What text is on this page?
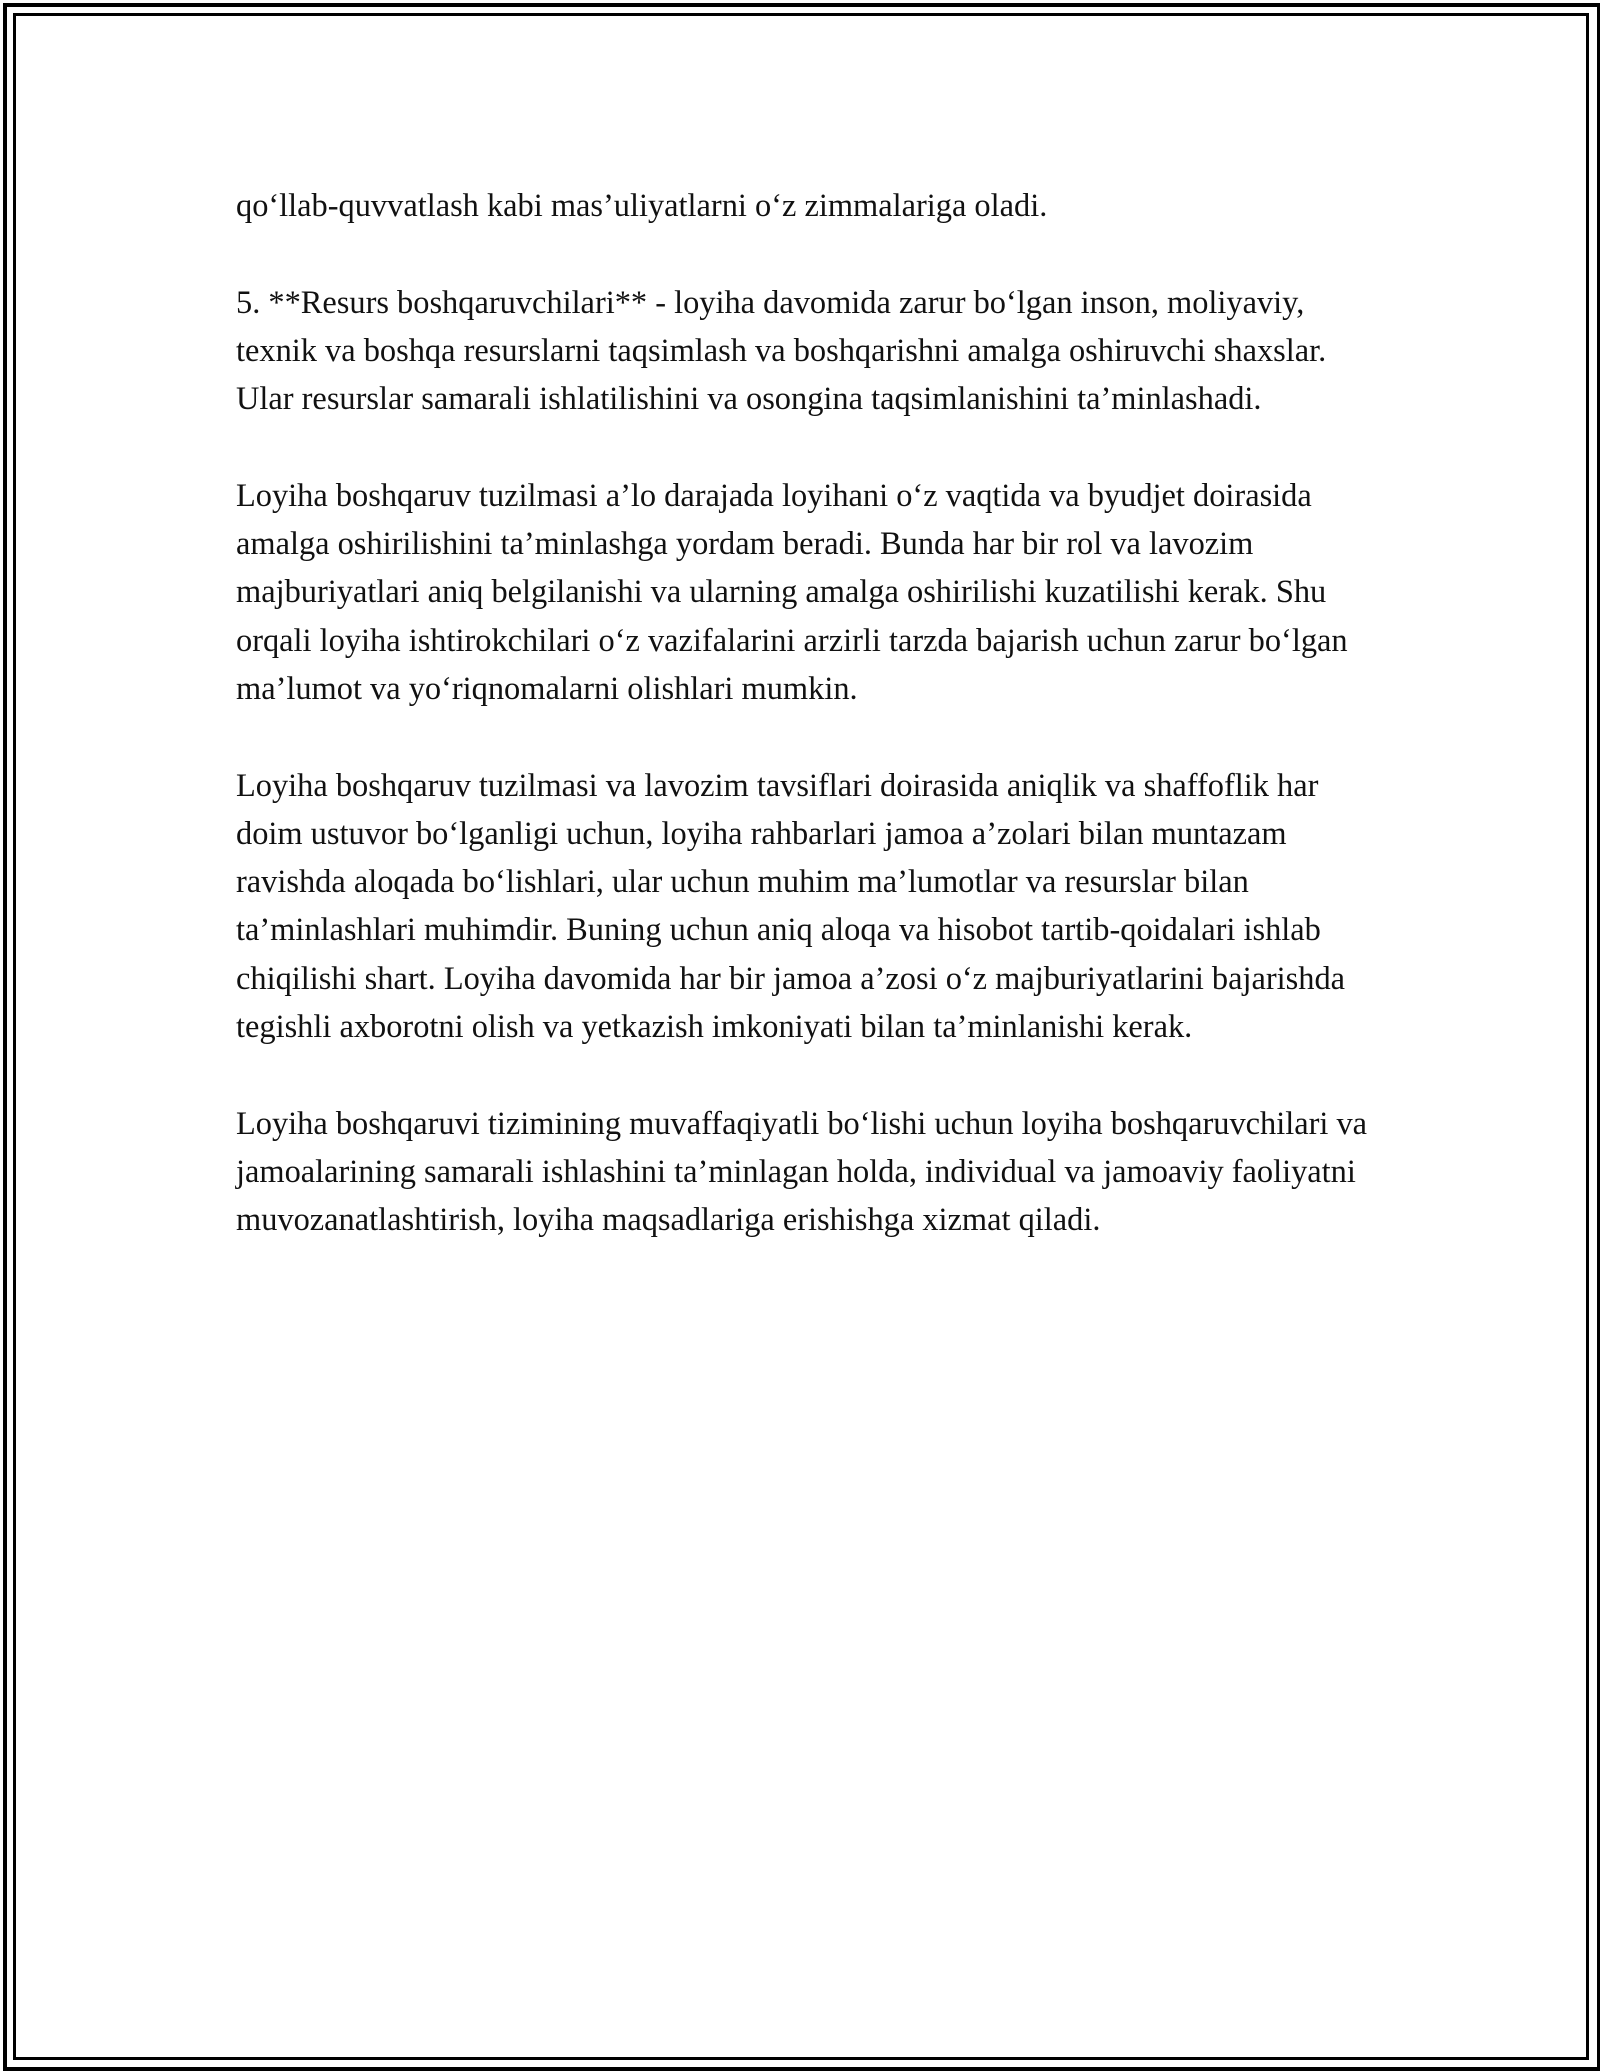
qo‘llab-quvvatlash kabi mas’uliyatlarni o‘z zimmalariga oladi.

5. **Resurs boshqaruvchilari** - loyiha davomida zarur bo‘lgan inson, moliyaviy, texnik va boshqa resurslarni taqsimlash va boshqarishni amalga oshiruvchi shaxslar. Ular resurslar samarali ishlatilishini va osongina taqsimlanishini ta’minlashadi.

Loyiha boshqaruv tuzilmasi a’lo darajada loyihani o‘z vaqtida va byudjet doirasida amalga oshirilishini ta’minlashga yordam beradi. Bunda har bir rol va lavozim majburiyatlari aniq belgilanishi va ularning amalga oshirilishi kuzatilishi kerak. Shu orqali loyiha ishtirokchilari o‘z vazifalarini arzirli tarzda bajarish uchun zarur bo‘lgan ma’lumot va yo‘riqnomalarni olishlari mumkin.

Loyiha boshqaruv tuzilmasi va lavozim tavsiflari doirasida aniqlik va shaffoflik har doim ustuvor bo‘lganligi uchun, loyiha rahbarlari jamoa a’zolari bilan muntazam ravishda aloqada bo‘lishlari, ular uchun muhim ma’lumotlar va resurslar bilan ta’minlashlari muhimdir. Buning uchun aniq aloqa va hisobot tartib-qoidalari ishlab chiqilishi shart. Loyiha davomida har bir jamoa a’zosi o‘z majburiyatlarini bajarishda tegishli axborotni olish va yetkazish imkoniyati bilan ta’minlanishi kerak.

Loyiha boshqaruvi tizimining muvaffaqiyatli bo‘lishi uchun loyiha boshqaruvchilari va jamoalarining samarali ishlashini ta’minlagan holda, individual va jamoaviy faoliyatni muvozanatlashtirish, loyiha maqsadlariga erishishga xizmat qiladi.
